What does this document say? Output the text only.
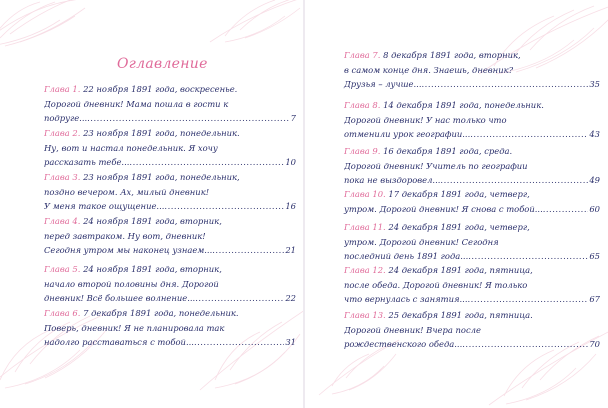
Оглавление
Глава 1. 22 ноября 1891 года, воскресенье.
Дорогой дневник! Мама пошла в гости к
подруге... .....	7
Глава 2. 23 ноября 1891 года, понедельник.
Ну, вот и настал понедельник. Я хочу
рассказать тебе... .....	10
Глава 3. 23 ноября 1891 года, понедельник,
поздно вечером. Ах, милый дневник!
У меня такое ощущение... .....	16
Глава 4. 24 ноября 1891 года, вторник,
перед завтраком. Ну вот, дневник!
Сегодня утром мы наконец узнаем... .....	21
Глава 5. 24 ноября 1891 года, вторник,
начало второй половины дня. Дорогой
дневник! Всё большее волнение... .....	22
Глава 6. 7 декабря 1891 года, понедельник.
Поверь, дневник! Я не планировала так
надолго расставаться с тобой... .....	31
Глава 7. 8 декабря 1891 года, вторник,
в самом конце дня. Знаешь, дневник?
Друзья – лучше... .....	35
Глава 8. 14 декабря 1891 года, понедельник.
Дорогой дневник! У нас только что
отменили урок географии... .....	43
Глава 9. 16 декабря 1891 года, среда.
Дорогой дневник! Учитель по географии
пока не выздоровел... .....	49
Глава 10. 17 декабря 1891 года, четверг,
утром. Дорогой дневник! Я снова с тобой... .....	60
Глава 11. 24 декабря 1891 года, четверг,
утром. Дорогой дневник! Сегодня
последний день 1891 года... .....	65
Глава 12. 24 декабря 1891 года, пятница,
после обеда. Дорогой дневник! Я только
что вернулась с занятия... .....	67
Глава 13. 25 декабря 1891 года, пятница.
Дорогой дневник! Вчера после
рождественского обеда... .....	70
